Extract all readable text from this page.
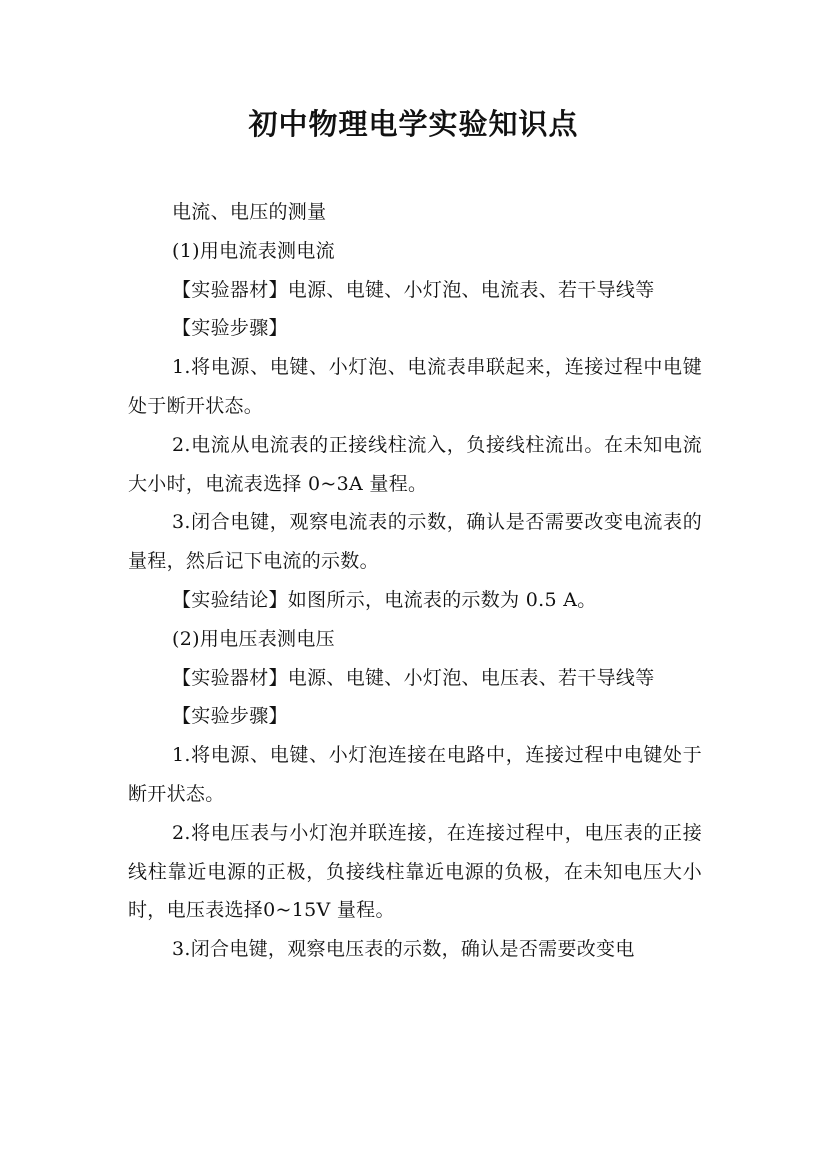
初中物理电学实验知识点

电流、电压的测量

(1)用电流表测电流

【实验器材】电源、电键、小灯泡、电流表、若干导线等

【实验步骤】

1.将电源、电键、小灯泡、电流表串联起来，连接过程中电键处于断开状态。

2.电流从电流表的正接线柱流入，负接线柱流出。在未知电流大小时，电流表选择 0~3A 量程。

3.闭合电键，观察电流表的示数，确认是否需要改变电流表的量程，然后记下电流的示数。

【实验结论】如图所示，电流表的示数为 0.5 A。

(2)用电压表测电压

【实验器材】电源、电键、小灯泡、电压表、若干导线等

【实验步骤】

1.将电源、电键、小灯泡连接在电路中，连接过程中电键处于断开状态。

2.将电压表与小灯泡并联连接，在连接过程中，电压表的正接线柱靠近电源的正极，负接线柱靠近电源的负极，在未知电压大小时，电压表选择0~15V 量程。

3.闭合电键，观察电压表的示数，确认是否需要改变电
